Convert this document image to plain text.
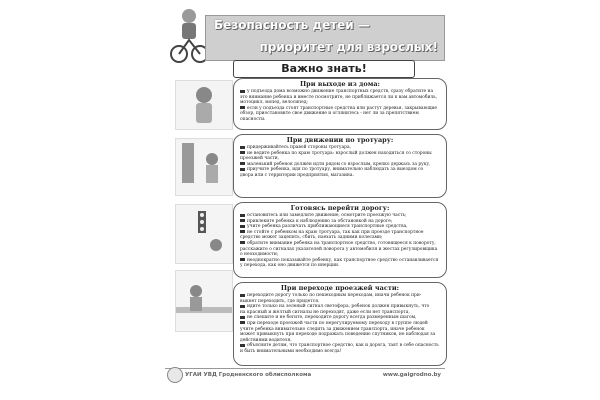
Безопасность детей —
приоритет для взрослых!
Важно знать!
При выходе из дома:

у подъезда дома возможно движение транспортных средств, сразу обратите на

это внимание ребенка и вместе посмотрите, не приближается ли к вам автомобиль,

мотоцикл, мопед, велосипед;

если у подъезда стоят транспортные средства или растут деревья, закрывающие

обзор, приостановите свое движение и оглянитесь - нет ли за препятствием

опасности.

При движении по тротуару:

придерживайтесь правой стороны тротуара,

не ведите ребенка по краю тротуара: взрослый должен находиться со стороны

проезжей части,

маленький ребенок должен идти рядом со взрослым, крепко держась за руку,

приучите ребенка, идя по тротуару, внимательно наблюдать за выездом со

двора или с территории предприятия, магазина.

Готовясь перейти дорогу:

остановитесь или замедлите движение, осмотрите проезжую часть;

привлеките ребенка к наблюдению за обстановкой на дороге;

учите ребенка различать приближающиеся транспортные средства,

не стойте с ребенком на краю тротуара, так как при проезде транспортное

средство может зацепить, сбить, наехать задними колесами;

обратите внимание ребенка на транспортное средство, готовящееся к повороту,

расскажите о сигналах указателей поворота у автомобиля и жестах регулировщика

о неоходимости;

неоднократно показывайте ребенку, как транспортное средство останавливается

у перехода, как оно движется по инерции.

При переходе проезжей части:

переходите дорогу только по пешеходным переходам, иначи ребенок при-

выкнет переходить, где придется.

идите только на зеленый сигнал светофора, ребенок должен привыкнуть, что

на красный и желтый сигналы не переходят, даже если нет транспорта,

не спешите и не бегите, переходите дорогу всегда размеренным шагом,

при переходе проезжей части по нерегулируемому переходу в группе людей

учите ребенка внимательно следить за движением транспорта, иначе ребенок

может привыкнуть при переходе подражать поведению спутников, не наблюдая за

действиями водителя,

объясните детям, что транспортное средство, как и дорога, таят в себе опасность

и быть внимательными необходимо всегда!

УГАИ УВД Гродненского облисполкома	www.gaigrodno.by
